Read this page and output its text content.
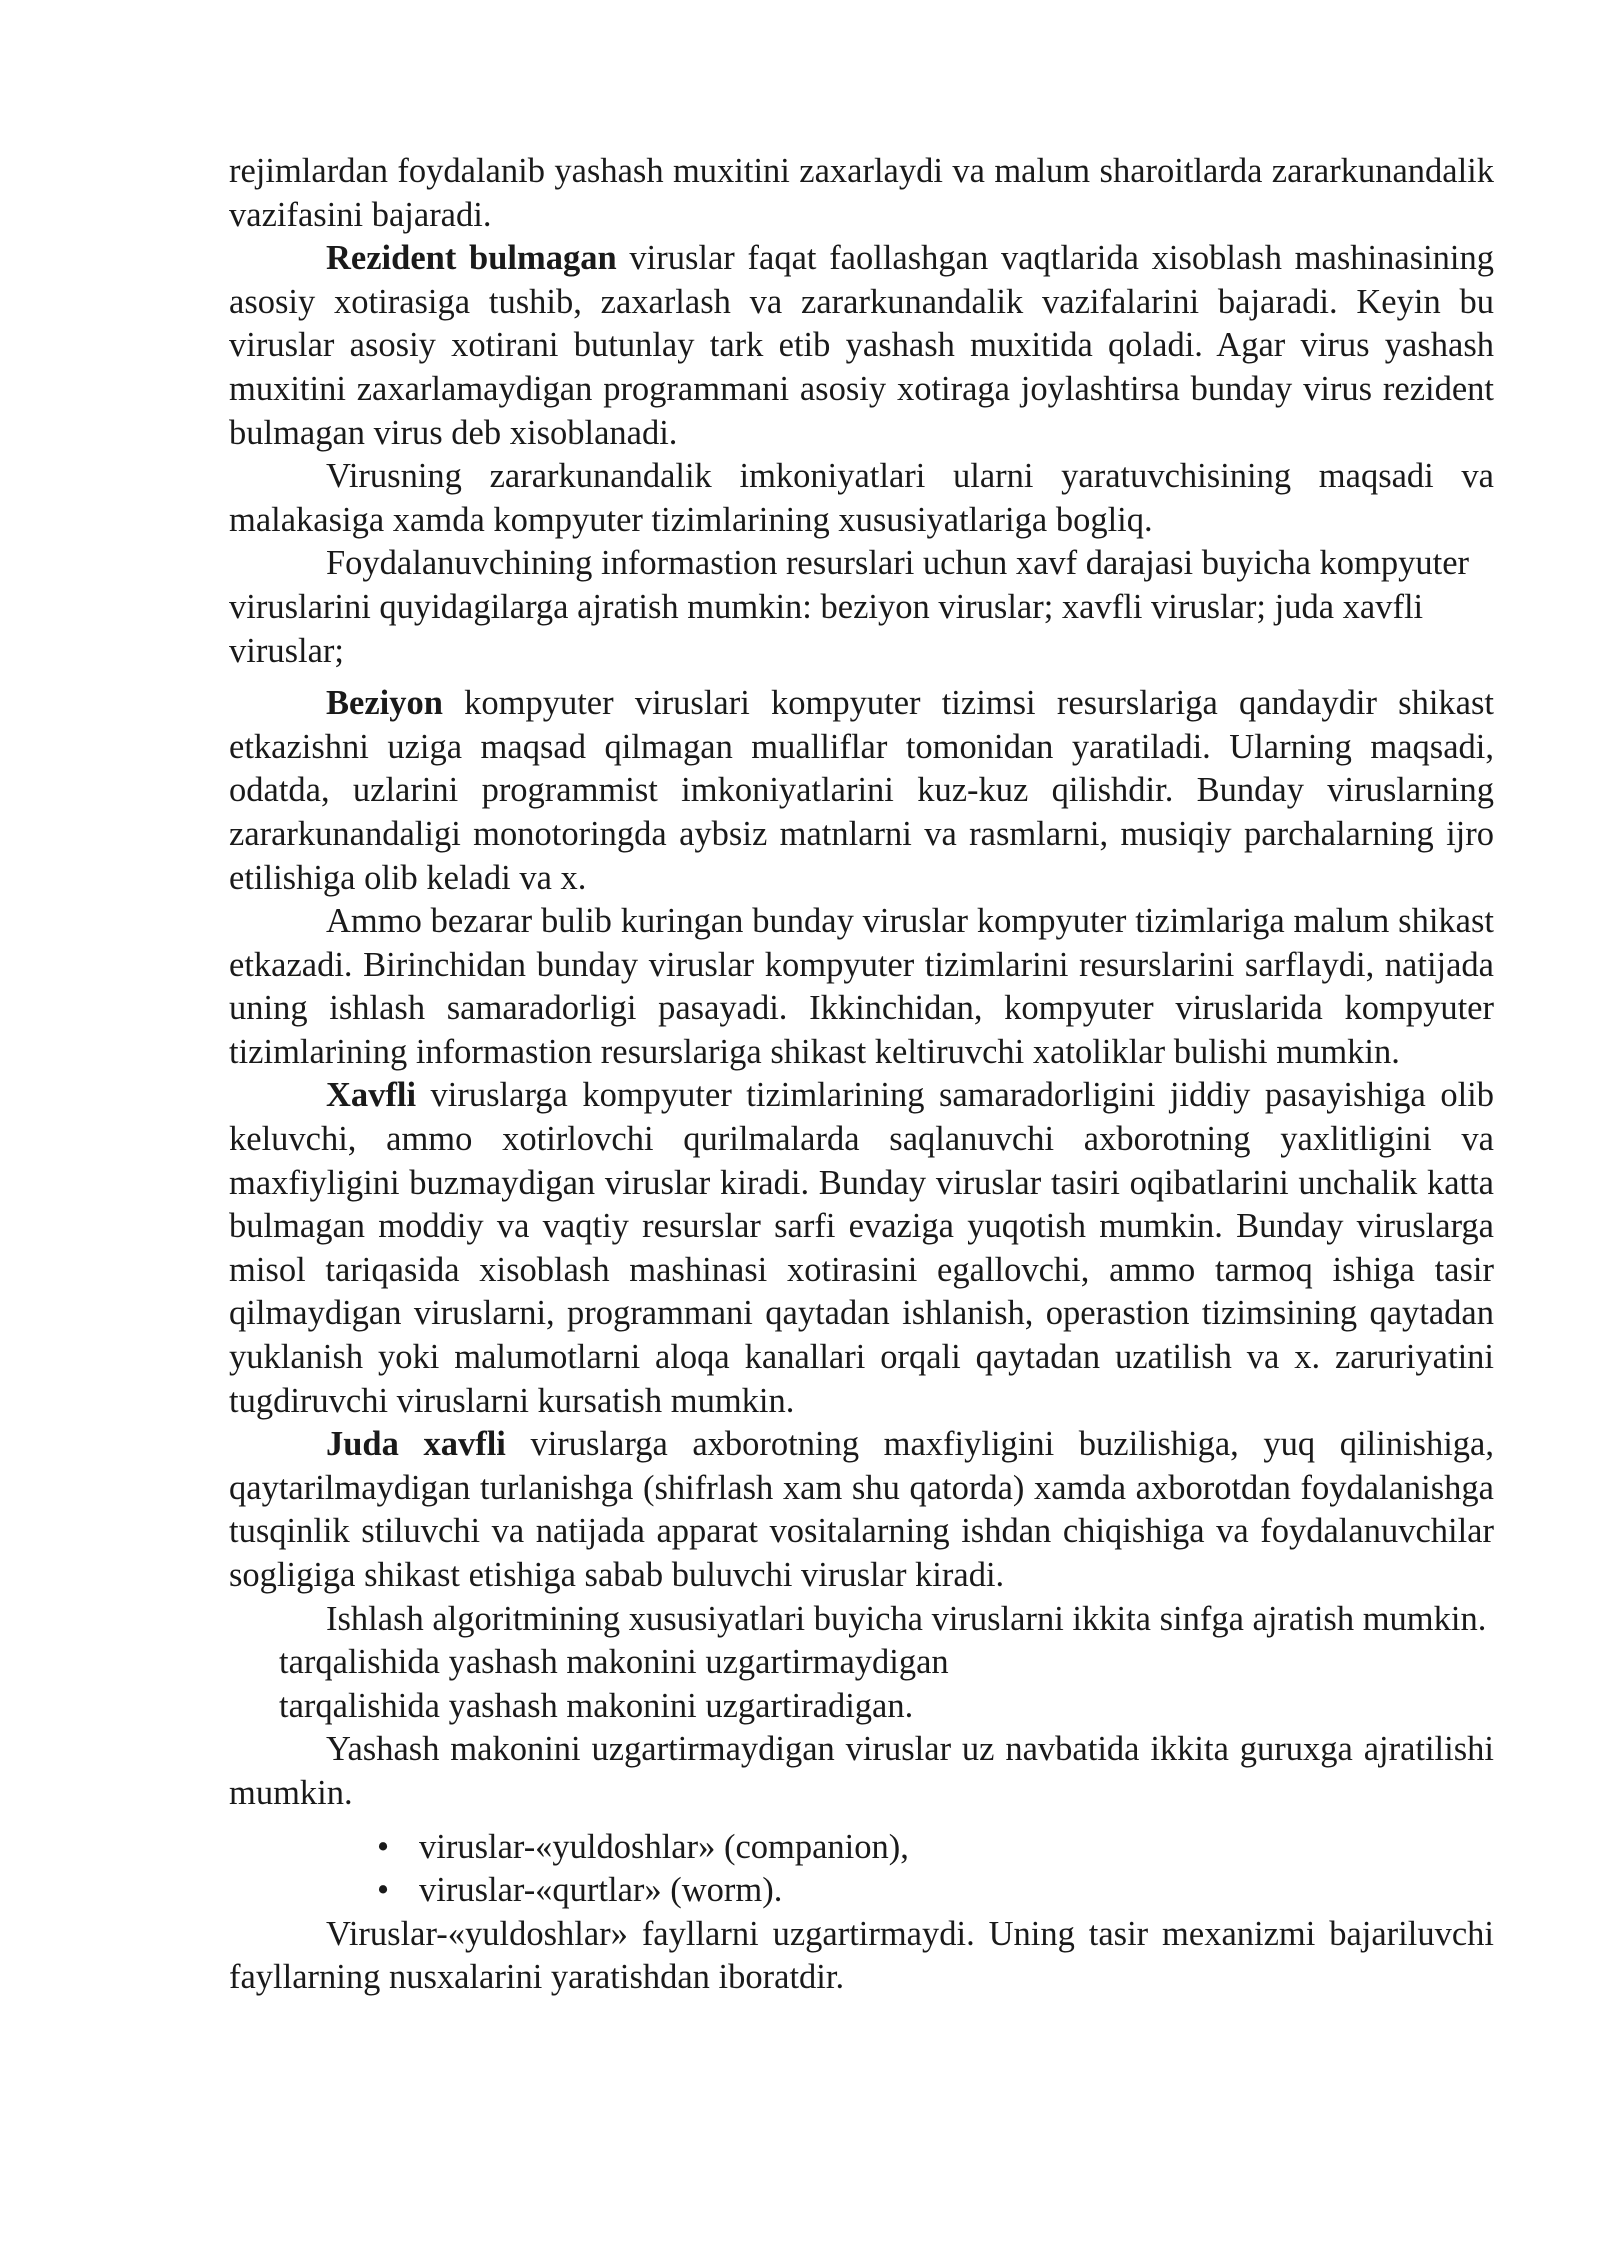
rejimlardan foydalanib yashash muxitini zaxarlaydi va malum sharoitlarda zararkunandalik vazifasini bajaradi.

Rezident bulmagan viruslar faqat faollashgan vaqtlarida xisoblash mashinasining asosiy xotirasiga tushib, zaxarlash va zararkunandalik vazifalarini bajaradi. Keyin bu viruslar asosiy xotirani butunlay tark etib yashash muxitida qoladi. Agar virus yashash muxitini zaxarlamaydigan programmani asosiy xotiraga joylashtirsa bunday virus rezident bulmagan virus deb xisoblanadi.

Virusning zararkunandalik imkoniyatlari ularni yaratuvchisining maqsadi va malakasiga xamda kompyuter tizimlarining xususiyatlariga bogliq.

Foydalanuvchining informastion resurslari uchun xavf darajasi buyicha kompyuter viruslarini quyidagilarga ajratish mumkin: beziyon viruslar; xavfli viruslar; juda xavfli viruslar;

Beziyon kompyuter viruslari kompyuter tizimsi resurslariga qandaydir shikast etkazishni uziga maqsad qilmagan mualliflar tomonidan yaratiladi. Ularning maqsadi, odatda, uzlarini programmist imkoniyatlarini kuz-kuz qilishdir. Bunday viruslarning zararkunandaligi monotoringda aybsiz matnlarni va rasmlarni, musiqiy parchalarning ijro etilishiga olib keladi va x.

Ammo bezarar bulib kuringan bunday viruslar kompyuter tizimlariga malum shikast etkazadi. Birinchidan bunday viruslar kompyuter tizimlarini resurslarini sarflaydi, natijada uning ishlash samaradorligi pasayadi. Ikkinchidan, kompyuter viruslarida kompyuter tizimlarining informastion resurslariga shikast keltiruvchi xatoliklar bulishi mumkin.

Xavfli viruslarga kompyuter tizimlarining samaradorligini jiddiy pasayishiga olib keluvchi, ammo xotirlovchi qurilmalarda saqlanuvchi axborotning yaxlitligini va maxfiyligini buzmaydigan viruslar kiradi. Bunday viruslar tasiri oqibatlarini unchalik katta bulmagan moddiy va vaqtiy resurslar sarfi evaziga yuqotish mumkin. Bunday viruslarga misol tariqasida xisoblash mashinasi xotirasini egallovchi, ammo tarmoq ishiga tasir qilmaydigan viruslarni, programmani qaytadan ishlanish, operastion tizimsining qaytadan yuklanish yoki malumotlarni aloqa kanallari orqali qaytadan uzatilish va x. zaruriyatini tugdiruvchi viruslarni kursatish mumkin.

Juda xavfli viruslarga axborotning maxfiyligini buzilishiga, yuq qilinishiga, qaytarilmaydigan turlanishga (shifrlash xam shu qatorda) xamda axborotdan foydalanishga tusqinlik stiluvchi va natijada apparat vositalarning ishdan chiqishiga va foydalanuvchilar sogligiga shikast etishiga sabab buluvchi viruslar kiradi.

Ishlash algoritmining xususiyatlari buyicha viruslarni ikkita sinfga ajratish mumkin.

tarqalishida yashash makonini uzgartirmaydigan
tarqalishida yashash makonini uzgartiradigan.

Yashash makonini uzgartirmaydigan viruslar uz navbatida ikkita guruxga ajratilishi mumkin.

• viruslar-«yuldoshlar» (companion),
• viruslar-«qurtlar» (worm).

Viruslar-«yuldoshlar» fayllarni uzgartirmaydi. Uning tasir mexanizmi bajariluvchi fayllarning nusxalarini yaratishdan iboratdir.
